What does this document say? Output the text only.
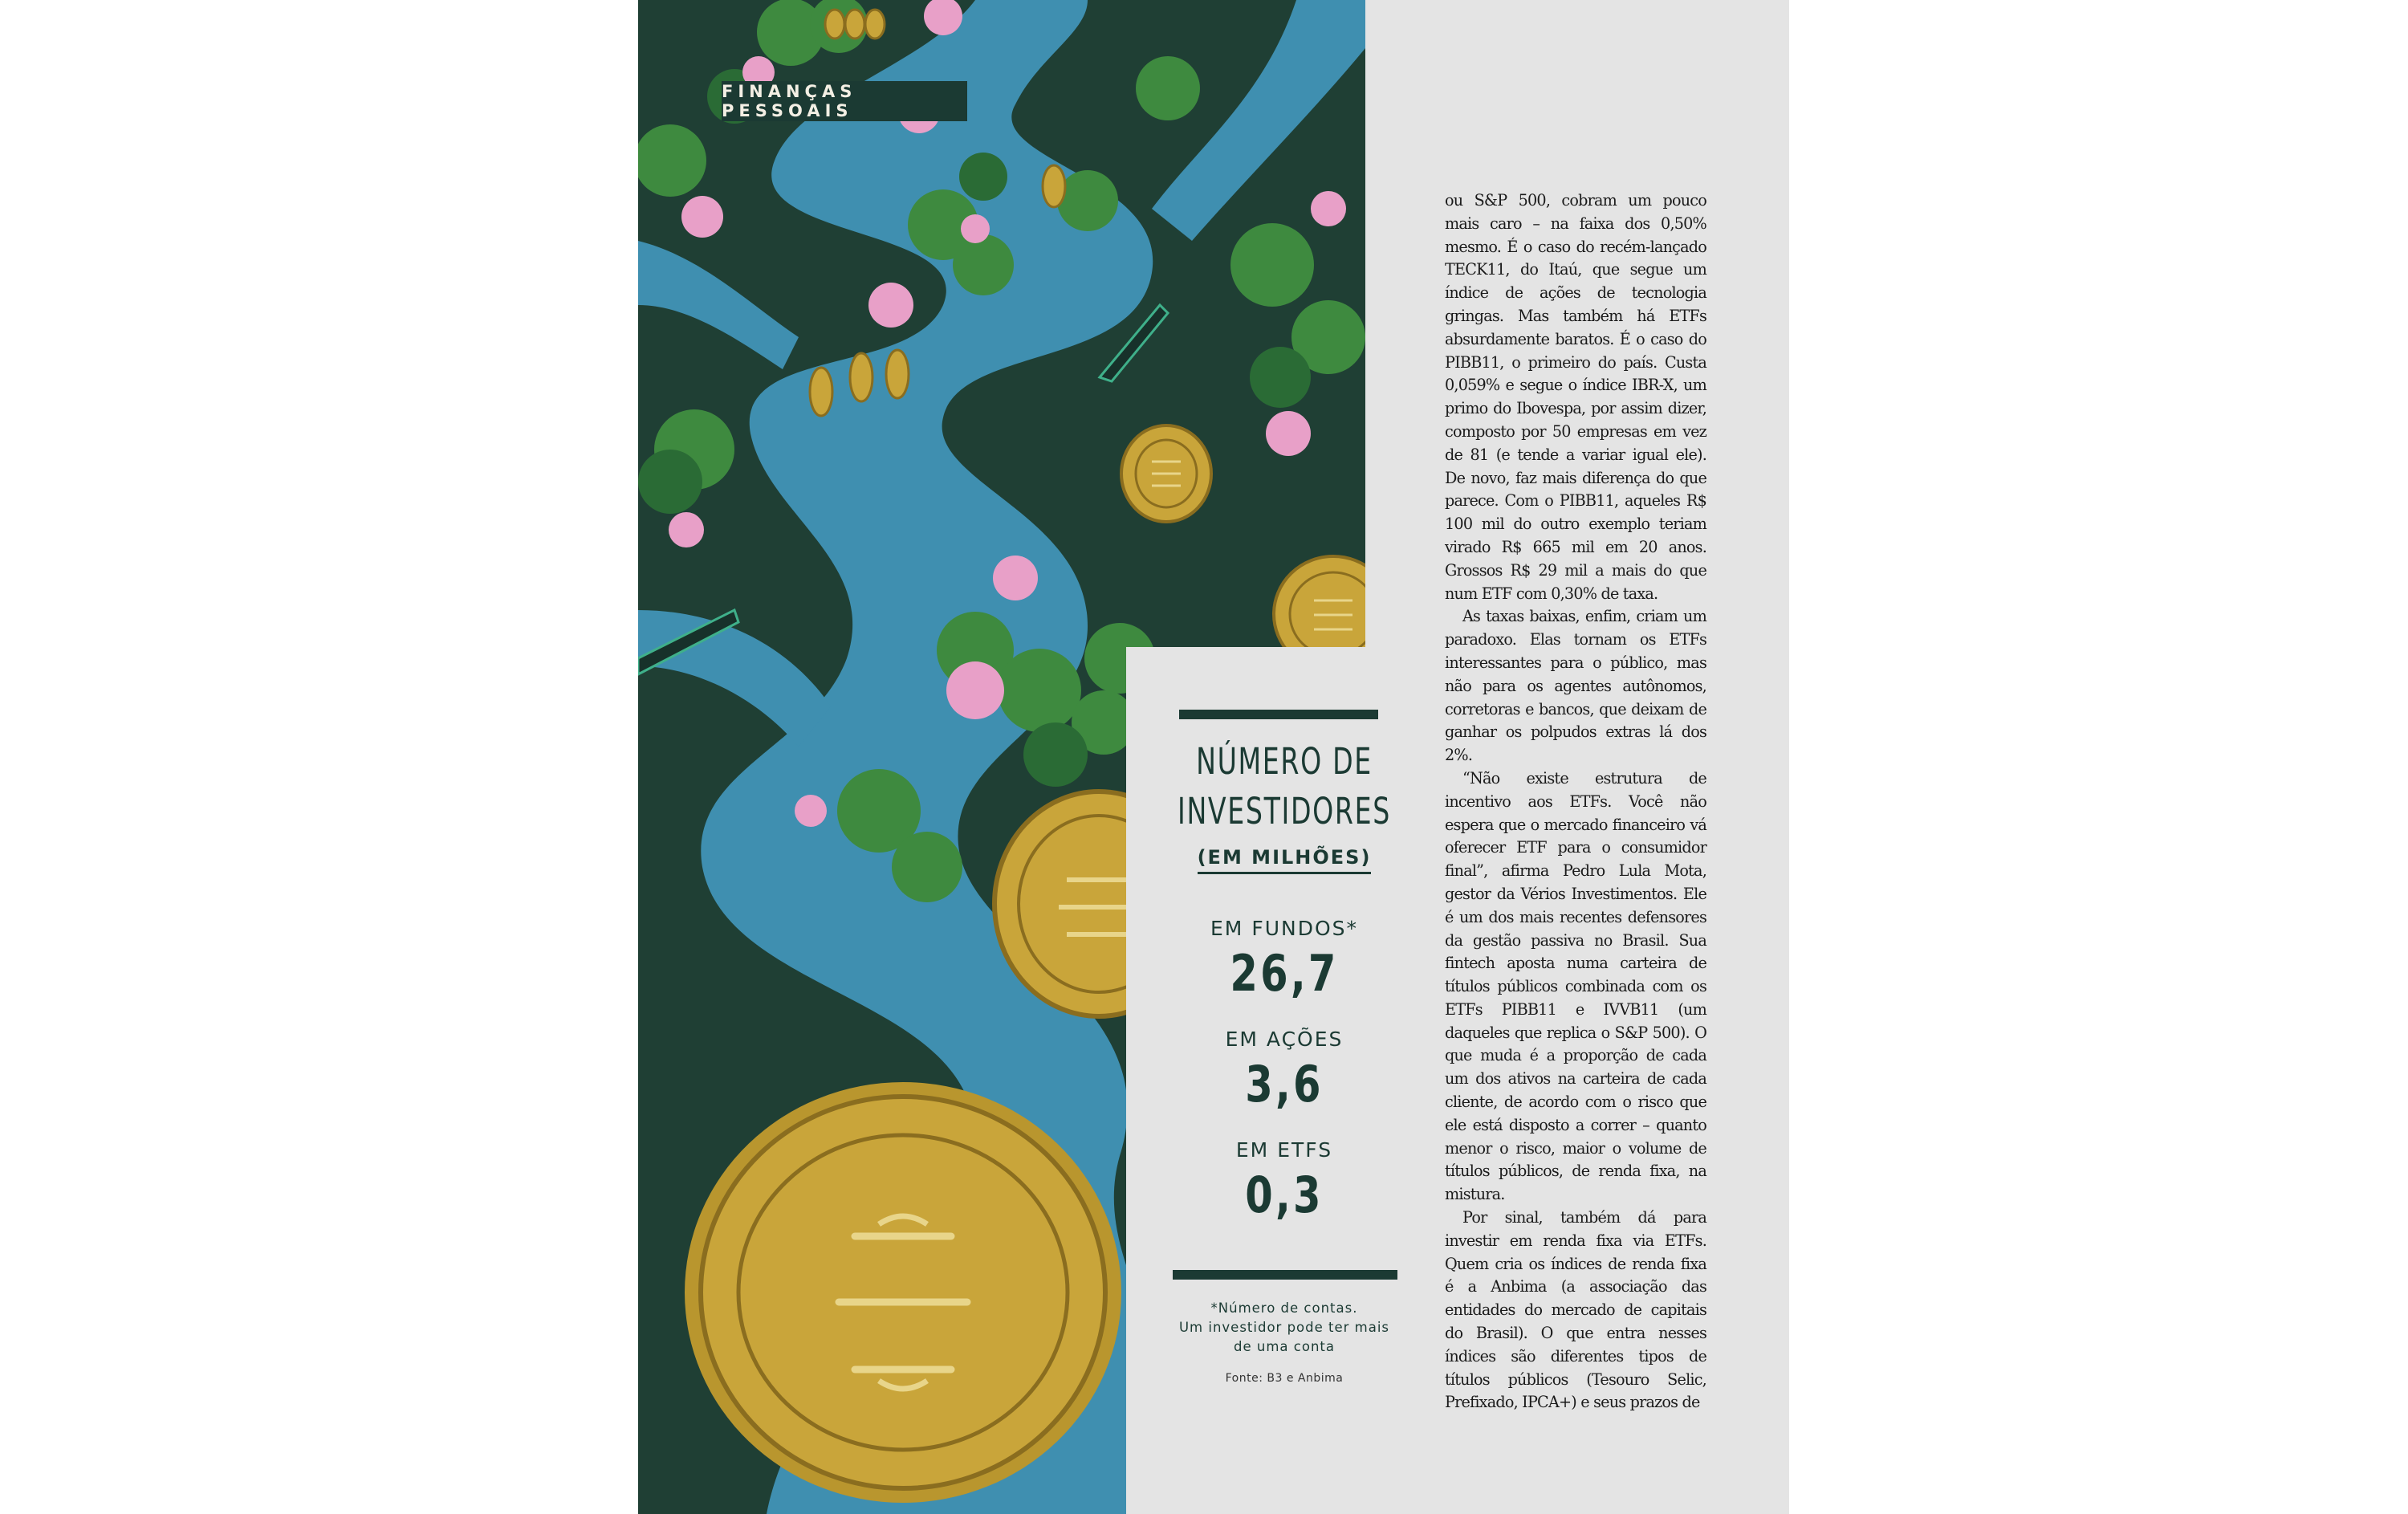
FINANÇAS PESSOAIS
NÚMERO DE
INVESTIDORES
(EM MILHÕES)
EM FUNDOS*
26,7
EM AÇÕES
3,6
EM ETFS
0,3
*Número de contas.
Um investidor pode ter mais
de uma conta
Fonte: B3 e Anbima

ou S&P 500, cobram um pouco mais caro – na faixa dos 0,50% mesmo. É o caso do recém-lançado TECK11, do Itaú, que segue um índice de ações de tecnologia gringas. Mas também há ETFs absurdamente baratos. É o caso do PIBB11, o primeiro do país. Custa 0,059% e segue o índice IBR-X, um primo do Ibovespa, por assim dizer, composto por 50 empresas em vez de 81 (e tende a variar igual ele). De novo, faz mais diferença do que parece. Com o PIBB11, aqueles R$ 100 mil do outro exemplo teriam virado R$ 665 mil em 20 anos. Grossos R$ 29 mil a mais do que num ETF com 0,30% de taxa.

As taxas baixas, enfim, criam um paradoxo. Elas tornam os ETFs interessantes para o público, mas não para os agentes autônomos, corretoras e bancos, que deixam de ganhar os polpudos extras lá dos 2%.

“Não existe estrutura de incentivo aos ETFs. Você não espera que o mercado financeiro vá oferecer ETF para o consumidor final”, afirma Pedro Lula Mota, gestor da Vérios Investimentos. Ele é um dos mais recentes defensores da gestão passiva no Brasil. Sua fintech aposta numa carteira de títulos públicos combinada com os ETFs PIBB11 e IVVB11 (um daqueles que replica o S&P 500). O que muda é a proporção de cada um dos ativos na carteira de cada cliente, de acordo com o risco que ele está disposto a correr – quanto menor o risco, maior o volume de títulos públicos, de renda fixa, na mistura.

Por sinal, também dá para investir em renda fixa via ETFs. Quem cria os índices de renda fixa é a Anbima (a associação das entidades do mercado de capitais do Brasil). O que entra nesses índices são diferentes tipos de títulos públicos (Tesouro Selic, Prefixado, IPCA+) e seus prazos de
